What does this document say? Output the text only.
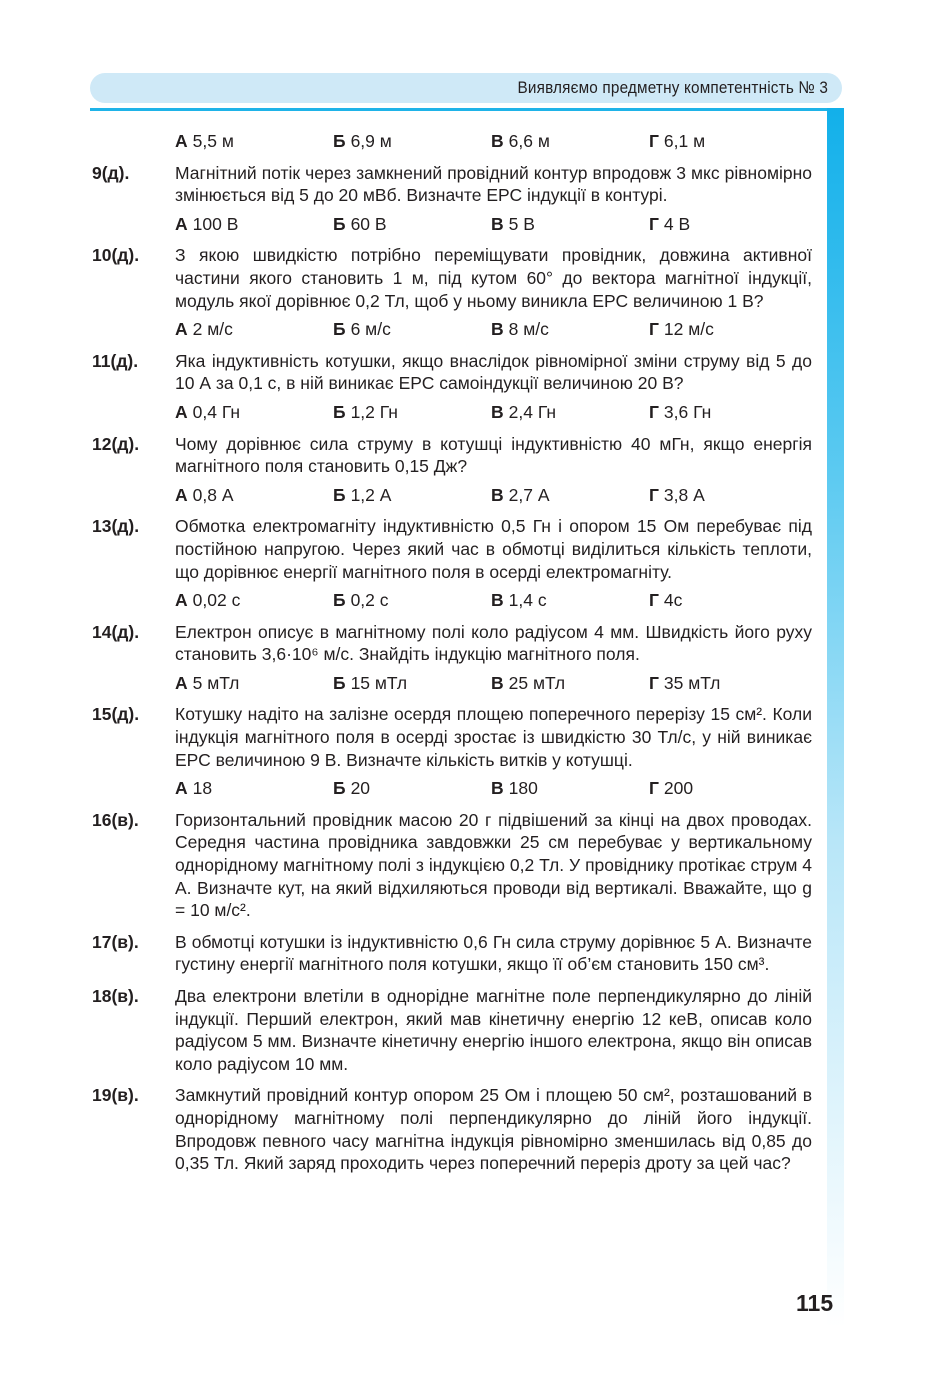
Виявляємо предметну компетентність № 3
А 5,5 м	Б 6,9 м	В 6,6 м	Г 6,1 м
9(д).	Магнітний потік через замкнений провідний контур впродовж 3 мкс рівномірно змінюється від 5 до 20 мВб. Визначте ЕРС індукції в контурі.
А 100 В	Б 60 В	В 5 В	Г 4 В
10(д). З якою швидкістю потрібно переміщувати провідник, довжина активної частини якого становить 1 м, під кутом 60° до вектора магнітної індукції, модуль якої дорівнює 0,2 Тл, щоб у ньому виникла ЕРС величиною 1 В?
А 2 м/с	Б 6 м/с	В 8 м/с	Г 12 м/с
11(д). Яка індуктивність котушки, якщо внаслідок рівномірної зміни струму від 5 до 10 А за 0,1 с, в ній виникає ЕРС самоіндукції величиною 20 В?
А 0,4 Гн	Б 1,2 Гн	В 2,4 Гн	Г 3,6 Гн
12(д). Чому дорівнює сила струму в котушці індуктивністю 40 мГн, якщо енергія магнітного поля становить 0,15 Дж?
А 0,8 А	Б 1,2 А	В 2,7 А	Г 3,8 А
13(д). Обмотка електромагніту індуктивністю 0,5 Гн і опором 15 Ом перебуває під постійною напругою. Через який час в обмотці виділиться кількість теплоти, що дорівнює енергії магнітного поля в осерді електромагніту.
А 0,02 с	Б 0,2 с	В 1,4 с	Г 4с
14(д). Електрон описує в магнітному полі коло радіусом 4 мм. Швидкість його руху становить 3,6·10⁶ м/с. Знайдіть індукцію магнітного поля.
А 5 мТл	Б 15 мТл	В 25 мТл	Г 35 мТл
15(д). Котушку надіто на залізне осердя площею поперечного перерізу 15 см². Коли індукція магнітного поля в осерді зростає із швидкістю 30 Тл/с, у ній виникає ЕРС величиною 9 В. Визначте кількість витків у котушці.
А 18	Б 20	В 180	Г 200
16(в). Горизонтальний провідник масою 20 г підвішений за кінці на двох проводах. Середня частина провідника завдовжки 25 см перебуває у вертикальному однорідному магнітному полі з індукцією 0,2 Тл. У провіднику протікає струм 4 А. Визначте кут, на який відхиляються проводи від вертикалі. Вважайте, що g = 10 м/с².
17(в). В обмотці котушки із індуктивністю 0,6 Гн сила струму дорівнює 5 А. Визначте густину енергії магнітного поля котушки, якщо її об’єм становить 150 см³.
18(в). Два електрони влетіли в однорідне магнітне поле перпендикулярно до ліній індукції. Перший електрон, який мав кінетичну енергію 12 кеВ, описав коло радіусом 5 мм. Визначте кінетичну енергію іншого електрона, якщо він описав коло радіусом 10 мм.
19(в). Замкнутий провідний контур опором 25 Ом і площею 50 см², розташований в однорідному магнітному полі перпендикулярно до ліній його індукції. Впродовж певного часу магнітна індукція рівномірно зменшилась від 0,85 до 0,35 Тл. Який заряд проходить через поперечний переріз дроту за цей час?
115
